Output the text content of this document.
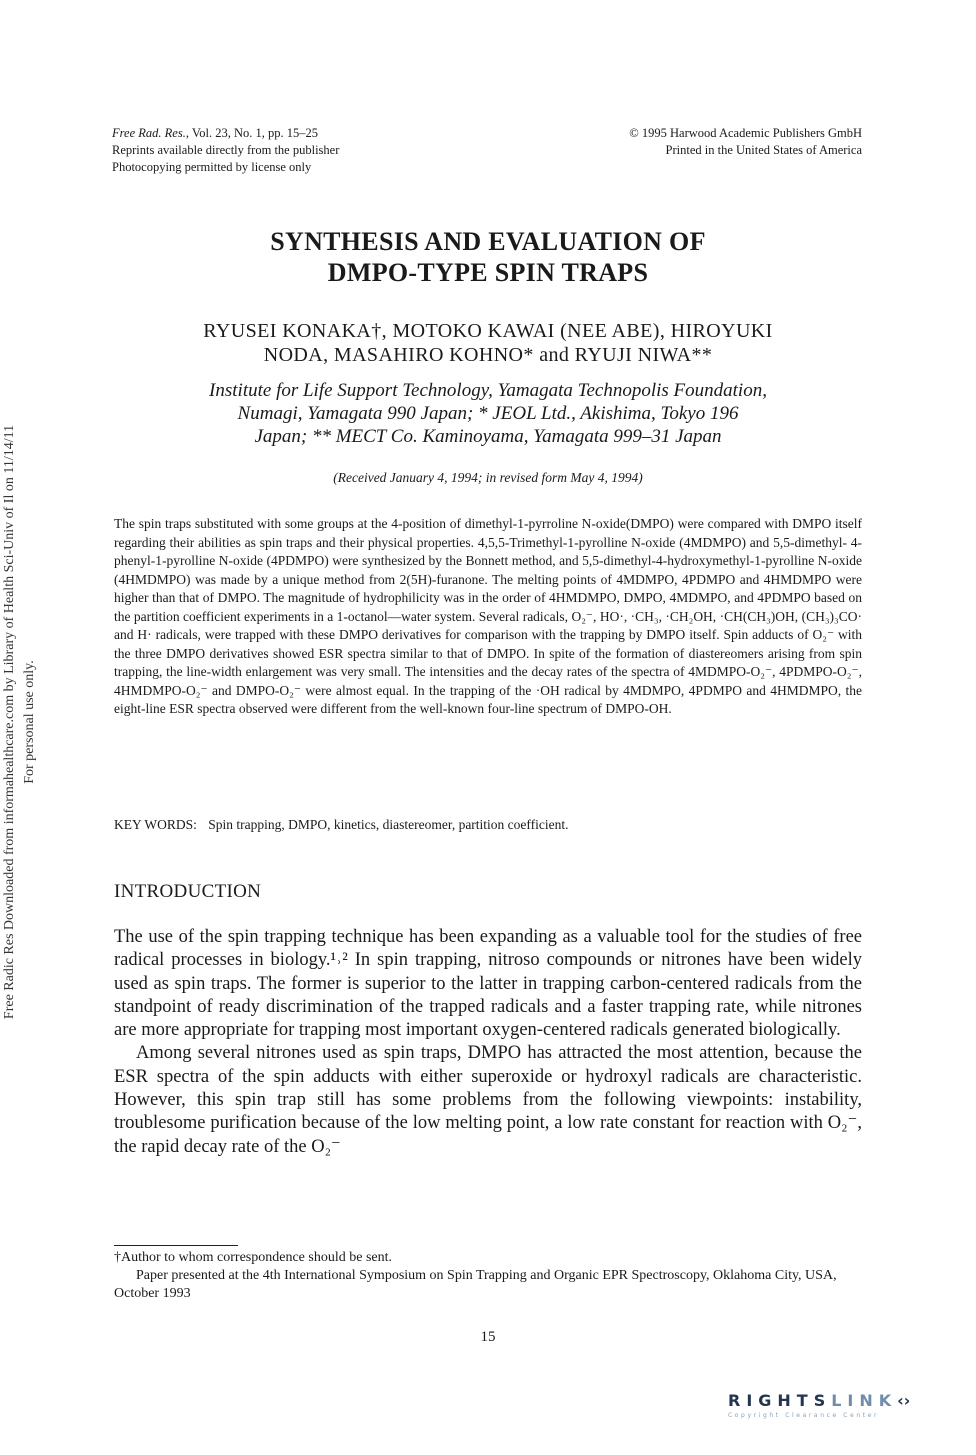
Free Radic Res Downloaded from informahealthcare.com by Library of Health Sci-Univ of Il on 11/14/11 For personal use only.
Free Rad. Res., Vol. 23, No. 1, pp. 15–25
Reprints available directly from the publisher
Photocopying permitted by license only
© 1995 Harwood Academic Publishers GmbH
Printed in the United States of America
SYNTHESIS AND EVALUATION OF
DMPO-TYPE SPIN TRAPS
RYUSEI KONAKA†, MOTOKO KAWAI (NEE ABE), HIROYUKI
NODA, MASAHIRO KOHNO* and RYUJI NIWA**
Institute for Life Support Technology, Yamagata Technopolis Foundation,
Numagi, Yamagata 990 Japan; * JEOL Ltd., Akishima, Tokyo 196
Japan; ** MECT Co. Kaminoyama, Yamagata 999–31 Japan
(Received January 4, 1994; in revised form May 4, 1994)

The spin traps substituted with some groups at the 4-position of dimethyl-1-pyrroline N-oxide(DMPO) were compared with DMPO itself regarding their abilities as spin traps and their physical properties. 4,5,5-Trimethyl-1-pyrolline N-oxide (4MDMPO) and 5,5-dimethyl- 4-phenyl-1-pyrolline N-oxide (4PDMPO) were synthesized by the Bonnett method, and 5,5-dimethyl-4-hydroxymethyl-1-pyrolline N-oxide (4HMDMPO) was made by a unique method from 2(5H)-furanone. The melting points of 4MDMPO, 4PDMPO and 4HMDMPO were higher than that of DMPO. The magnitude of hydrophilicity was in the order of 4HMDMPO, DMPO, 4MDMPO, and 4PDMPO based on the partition coefficient experiments in a 1-octanol—water system. Several radicals, O₂⁻, HO·, ·CH₃, ·CH₂OH, ·CH(CH₃)OH, (CH₃)₃CO· and H· radicals, were trapped with these DMPO derivatives for comparison with the trapping by DMPO itself. Spin adducts of O₂⁻ with the three DMPO derivatives showed ESR spectra similar to that of DMPO. In spite of the formation of diastereomers arising from spin trapping, the line-width enlargement was very small. The intensities and the decay rates of the spectra of 4MDMPO-O₂⁻, 4PDMPO-O₂⁻, 4HMDMPO-O₂⁻ and DMPO-O₂⁻ were almost equal. In the trapping of the ·OH radical by 4MDMPO, 4PDMPO and 4HMDMPO, the eight-line ESR spectra observed were different from the well-known four-line spectrum of DMPO-OH.

KEY WORDS: Spin trapping, DMPO, kinetics, diastereomer, partition coefficient.
INTRODUCTION

The use of the spin trapping technique has been expanding as a valuable tool for the studies of free radical processes in biology.¹˒² In spin trapping, nitroso compounds or nitrones have been widely used as spin traps. The former is superior to the latter in trapping carbon-centered radicals from the standpoint of ready discrimination of the trapped radicals and a faster trapping rate, while nitrones are more appropriate for trapping most important oxygen-centered radicals generated biologically.

Among several nitrones used as spin traps, DMPO has attracted the most attention, because the ESR spectra of the spin adducts with either superoxide or hydroxyl radicals are characteristic. However, this spin trap still has some problems from the following viewpoints: instability, troublesome purification because of the low melting point, a low rate constant for reaction with O₂⁻, the rapid decay rate of the O₂⁻

†Author to whom correspondence should be sent.

Paper presented at the 4th International Symposium on Spin Trapping and Organic EPR Spectroscopy, Oklahoma City, USA, October 1993

15
RIGHTSLINK‹›
Copyright Clearance Center
